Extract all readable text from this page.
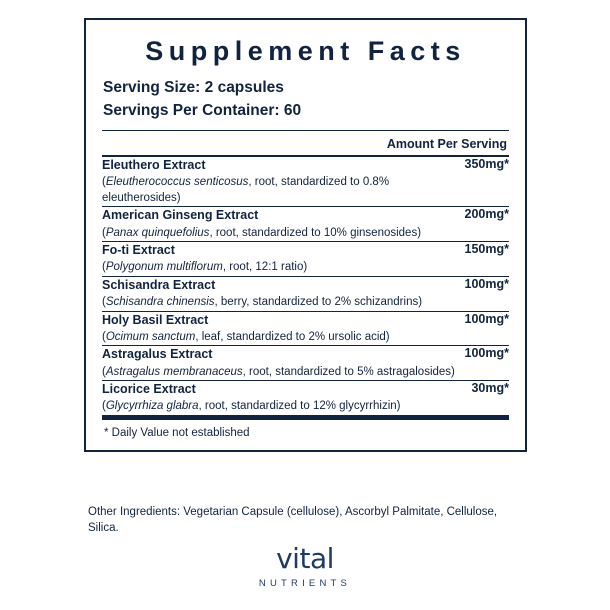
Supplement Facts
Serving Size: 2 capsules
Servings Per Container: 60
Amount Per Serving
Eleuthero Extract
(Eleutherococcus senticosus, root, standardized to 0.8% eleutherosides)	350mg*

American Ginseng Extract
(Panax quinquefolius, root, standardized to 10% ginsenosides)	200mg*

Fo-ti Extract
(Polygonum multiflorum, root, 12:1 ratio)	150mg*

Schisandra Extract
(Schisandra chinensis, berry, standardized to 2% schizandrins)	100mg*

Holy Basil Extract
(Ocimum sanctum, leaf, standardized to 2% ursolic acid)	100mg*

Astragalus Extract
(Astragalus membranaceus, root, standardized to 5% astragalosides)	100mg*

Licorice Extract
(Glycyrrhiza glabra, root, standardized to 12% glycyrrhizin)	30mg*
* Daily Value not established
Other Ingredients: Vegetarian Capsule (cellulose), Ascorbyl Palmitate, Cellulose, Silica.
vital
NUTRIENTS
